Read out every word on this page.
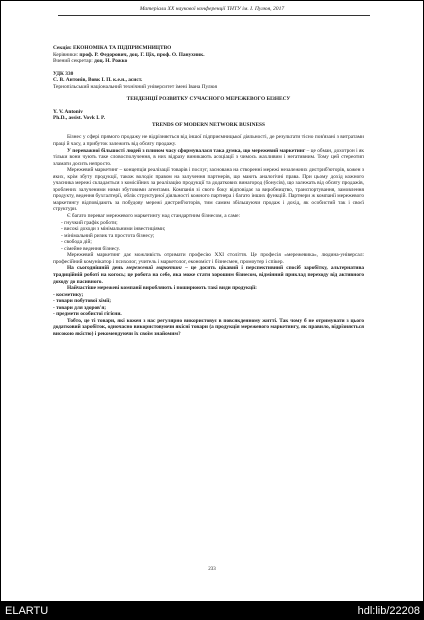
Матеріали XX наукової конференції ТНТУ ім. І. Пулюя, 2017
Секція: ЕКОНОМІКА ТА ПІДПРИЄМНИЦТВО
Керівники: проф. Р. Федорович, доц. Г. Ціх, проф. О. Панухник.
Вчений секретар: доц. Н. Рожко
УДК 330
С. В. Антонів, Вовк І. П. к.е.н., асист.
Тернопільський національний технічний університет імені Івана Пулюя
ТЕНДЕНЦІЇ РОЗВИТКУ СУЧАСНОГО МЕРЕЖЕВОГО БІЗНЕСУ
Y. V. Antoniv
Ph.D., assist. Vovk I. P.
TRENDS OF MODERN NETWORK BUSINESS

Бізнес у сфері прямого продажу не відрізняється від іншої підприємницької діяльності, де результати тісно пов'язані з витратами праці й часу, а прибуток залежить від обсягу продажу.

У переважної більшості людей з плином часу сформувалася така думка, що мережевий маркетинг – це обман, дохотрон і як тільки вони чують таке словосполучення, в них відразу виникають асоціації з чимось жахливим і негативним. Тому цей стереотип зламати досить непросто.

Мережевий маркетинг – концепція реалізації товарів і послуг, заснована на створенні мережі незалежних дистриб'юторів, кожен з яких, крім збуту продукції, також володіє правом на залучення партнерів, що мають аналогічні права. При цьому дохід кожного учасника мережі складається з комісійних за реалізацію продукції та додаткових винагород (бонусів), що залежать від обсягу продажів, зроблених залученими ними збутовими агентами. Компанія зі свого боку відповідає за виробництво, транспортування, замовлення продукту, ведення бухгалтерії, облік структурної діяльності кожного партнера і багато інших функцій. Партнери ж компанії мережевого маркетингу відповідають за побудову мережі дистриб'юторів, тим самим збільшуючи продаж і дохід, як особистий так і своєї структури.

Є багато переваг мережевого маркетингу над стандартним бізнесом, а саме:

- гнучкий графік роботи;
- високі доходи з мінімальними інвестиціями;
- мінімальний ризик та простота бізнесу;
- свобода дій;
- сімейне ведення бізнесу.

Мережевий маркетинг дає можливість отримати професію XXI століття. Це професія «мережевика», людина-універсал: професійний комунікатор і психолог, учитель і маркетолог, економіст і бізнесмен, промоутер і спікер.

На сьогоднішній день мережевий маркетинг – це досить цікавий і перспективний спосіб заробітку, альтернатива традиційній роботі на когось; це робота на себе, яка може стати хорошим бізнесом, відмінний приклад переходу від активного доходу до пасивного.

Найчастіше мережеві компанії виробляють і поширюють такі види продукції:

- косметику;
- товари побутової хімії;
- товари для здоров'я;
- предмети особистої гігієни.

Тобто, це ті товари, які кожен з нас регулярно використовує в повсякденному житті. Так чому б не отримувати з цього додатковий заробіток, одночасно використовуючи якісні товари (а продукція мережевого маркетингу, як правило, відрізняється високою якістю) і рекомендуючи їх своїм знайомим?

233
ELARTU	hdl:lib/22208
